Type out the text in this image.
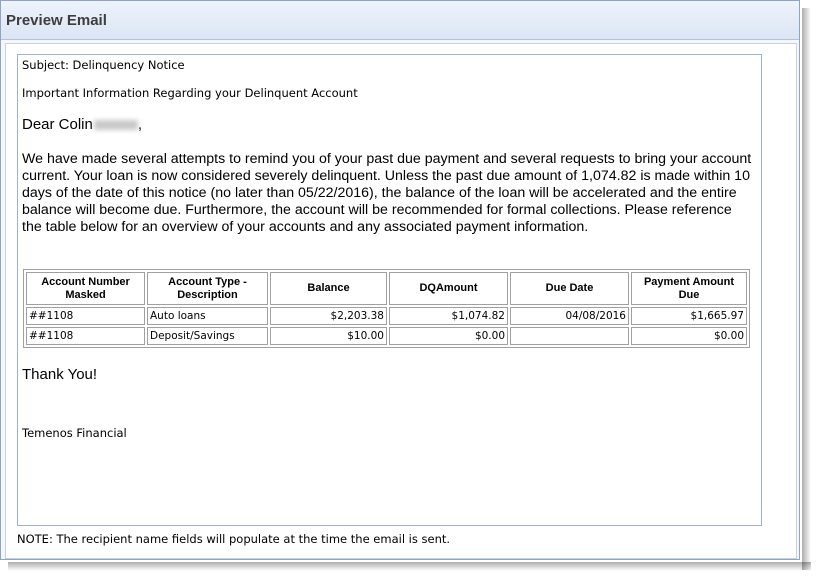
Preview Email
Subject: Delinquency Notice
Important Information Regarding your Delinquent Account
Dear Colin	,
We have made several attempts to remind you of your past due payment and several requests to bring your account current. Your loan is now considered severely delinquent. Unless the past due amount of 1,074.82 is made within 10 days of the date of this notice (no later than 05/22/2016), the balance of the loan will be accelerated and the entire balance will become due. Furthermore, the account will be recommended for formal collections. Please reference the table below for an overview of your accounts and any associated payment information.
Account Number Masked	Account Type - Description	Balance	DQAmount	Due Date	Payment Amount Due
##1108	Auto loans	$2,203.38	$1,074.82	04/08/2016	$1,665.97
##1108	Deposit/Savings	$10.00	$0.00		$0.00
Thank You!
Temenos Financial
NOTE: The recipient name fields will populate at the time the email is sent.
